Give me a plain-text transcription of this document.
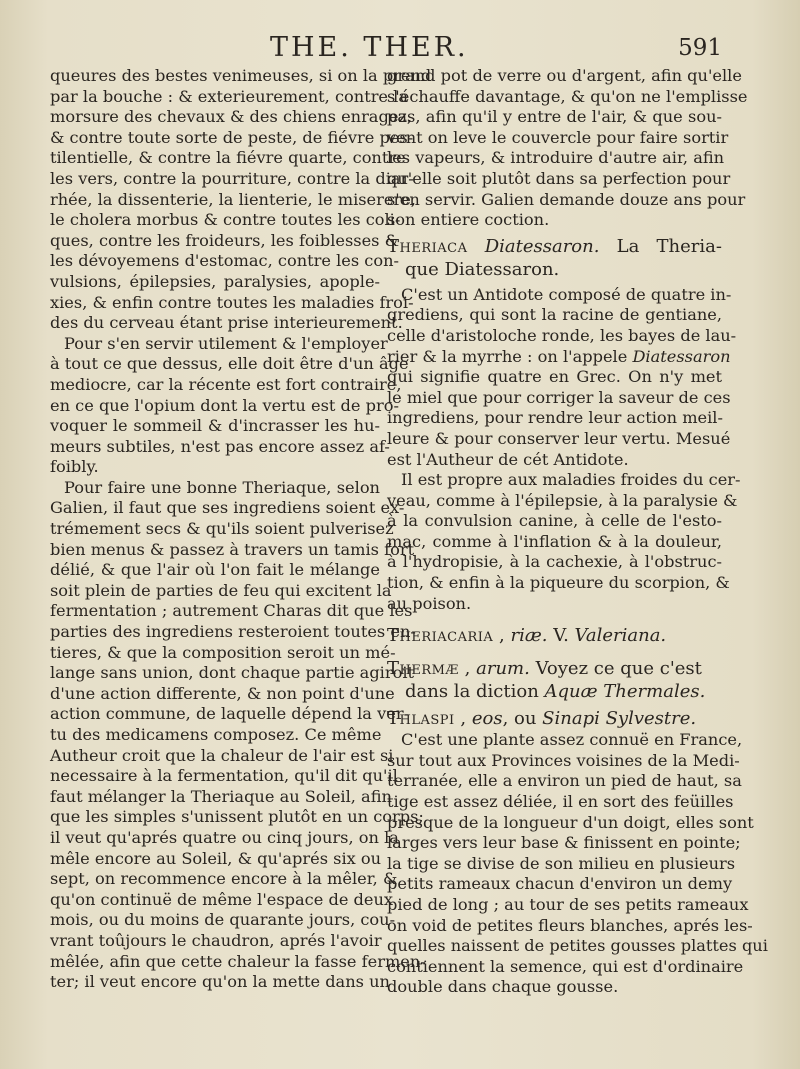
THE. THER.	591
queures des bestes venimeuses, si on la prend
par la bouche : & exterieurement, contre la
morsure des chevaux & des chiens enragez,
& contre toute sorte de peste, de fiévre pes-
tilentielle, & contre la fiévre quarte, contre
les vers, contre la pourriture, contre la diar-
rhée, la dissenterie, la lienterie, le miserere,
le cholera morbus & contre toutes les coli-
ques, contre les froideurs, les foiblesses &
les dévoyemens d'estomac, contre les con-
vulsions, épilepsies, paralysies, apople-
xies, & enfin contre toutes les maladies froi-
des du cerveau étant prise interieurement.
Pour s'en servir utilement & l'employer
à tout ce que dessus, elle doit être d'un âge
mediocre, car la récente est fort contraire,
en ce que l'opium dont la vertu est de pro-
voquer le sommeil & d'incrasser les hu-
meurs subtiles, n'est pas encore assez af-
foibly.
Pour faire une bonne Theriaque, selon
Galien, il faut que ses ingrediens soient ex-
trémement secs & qu'ils soient pulverisez
bien menus & passez à travers un tamis fort
délié, & que l'air où l'on fait le mélange
soit plein de parties de feu qui excitent la
fermentation ; autrement Charas dit que les
parties des ingrediens resteroient toutes en-
tieres, & que la composition seroit un mé-
lange sans union, dont chaque partie agiroit
d'une action differente, & non point d'une
action commune, de laquelle dépend la ver-
tu des medicamens composez. Ce même
Autheur croit que la chaleur de l'air est si
necessaire à la fermentation, qu'il dit qu'il
faut mélanger la Theriaque au Soleil, afin
que les simples s'unissent plutôt en un corps;
il veut qu'aprés quatre ou cinq jours, on la
mêle encore au Soleil, & qu'aprés six ou
sept, on recommence encore à la mêler, &
qu'on continuë de même l'espace de deux
mois, ou du moins de quarante jours, cou-
vrant toûjours le chaudron, aprés l'avoir
mêlée, afin que cette chaleur la fasse fermen-
ter; il veut encore qu'on la mette dans un
grand pot de verre ou d'argent, afin qu'elle
s'échauffe davantage, & qu'on ne l'emplisse
pas, afin qu'il y entre de l'air, & que sou-
vent on leve le couvercle pour faire sortir
les vapeurs, & introduire d'autre air, afin
qu'elle soit plutôt dans sa perfection pour
s'en servir. Galien demande douze ans pour
son entiere coction.
Theriaca Diatessaron. La Theria-
que Diatessaron.
C'est un Antidote composé de quatre in-
grediens, qui sont la racine de gentiane,
celle d'aristoloche ronde, les bayes de lau-
rier & la myrrhe : on l'appele Diatessaron
qui signifie quatre en Grec. On n'y met
le miel que pour corriger la saveur de ces
ingrediens, pour rendre leur action meil-
leure & pour conserver leur vertu. Mesué
est l'Autheur de cét Antidote.
Il est propre aux maladies froides du cer-
veau, comme à l'épilepsie, à la paralysie &
à la convulsion canine, à celle de l'esto-
mac, comme à l'inflation & à la douleur,
à l'hydropisie, à la cachexie, à l'obstruc-
tion, & enfin à la piqueure du scorpion, &
au poison.
Theriacaria , riæ. V. Valeriana.
Thermæ , arum. Voyez ce que c'est
dans la diction Aquæ Thermales.
Thlaspi , eos, ou Sinapi Sylvestre.
C'est une plante assez connuë en France,
sur tout aux Provinces voisines de la Medi-
terranée, elle a environ un pied de haut, sa
tige est assez déliée, il en sort des feüilles
presque de la longueur d'un doigt, elles sont
larges vers leur base & finissent en pointe;
la tige se divise de son milieu en plusieurs
petits rameaux chacun d'environ un demy
pied de long ; au tour de ses petits rameaux
on void de petites fleurs blanches, aprés les-
quelles naissent de petites gousses plattes qui
contiennent la semence, qui est d'ordinaire
double dans chaque gousse.
